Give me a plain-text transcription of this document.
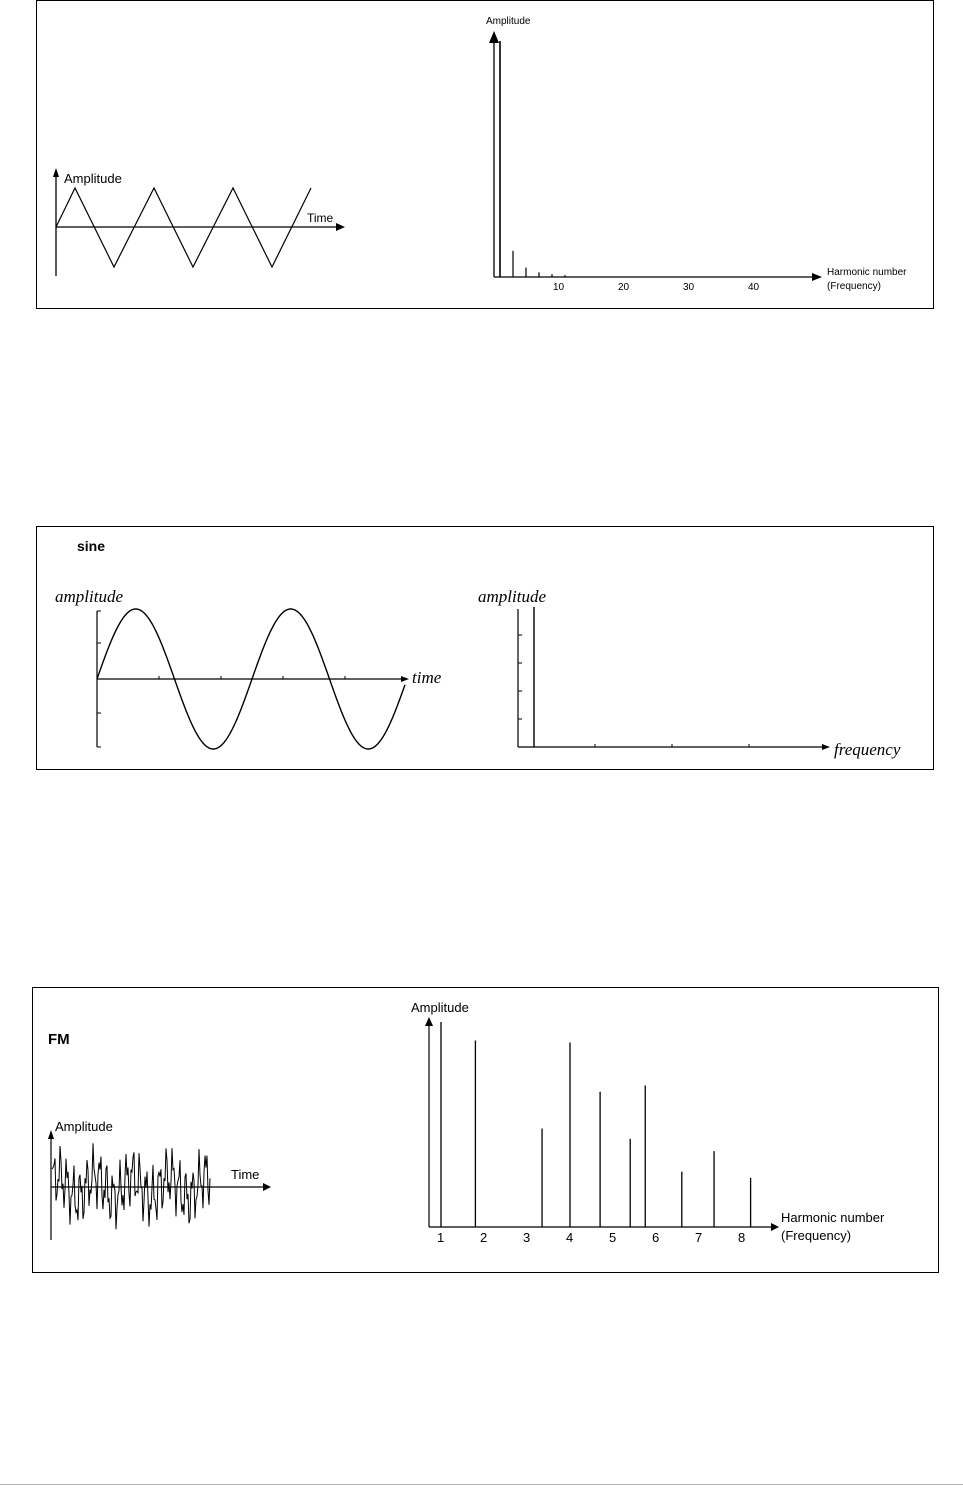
Amplitude
Time
Amplitude
Harmonic number
(Frequency)
10	20	30	40
sine
amplitude
time
amplitude
frequency
FM
Amplitude
Time
Amplitude
Harmonic number
(Frequency)
1	2	3	4	5	6	7	8
